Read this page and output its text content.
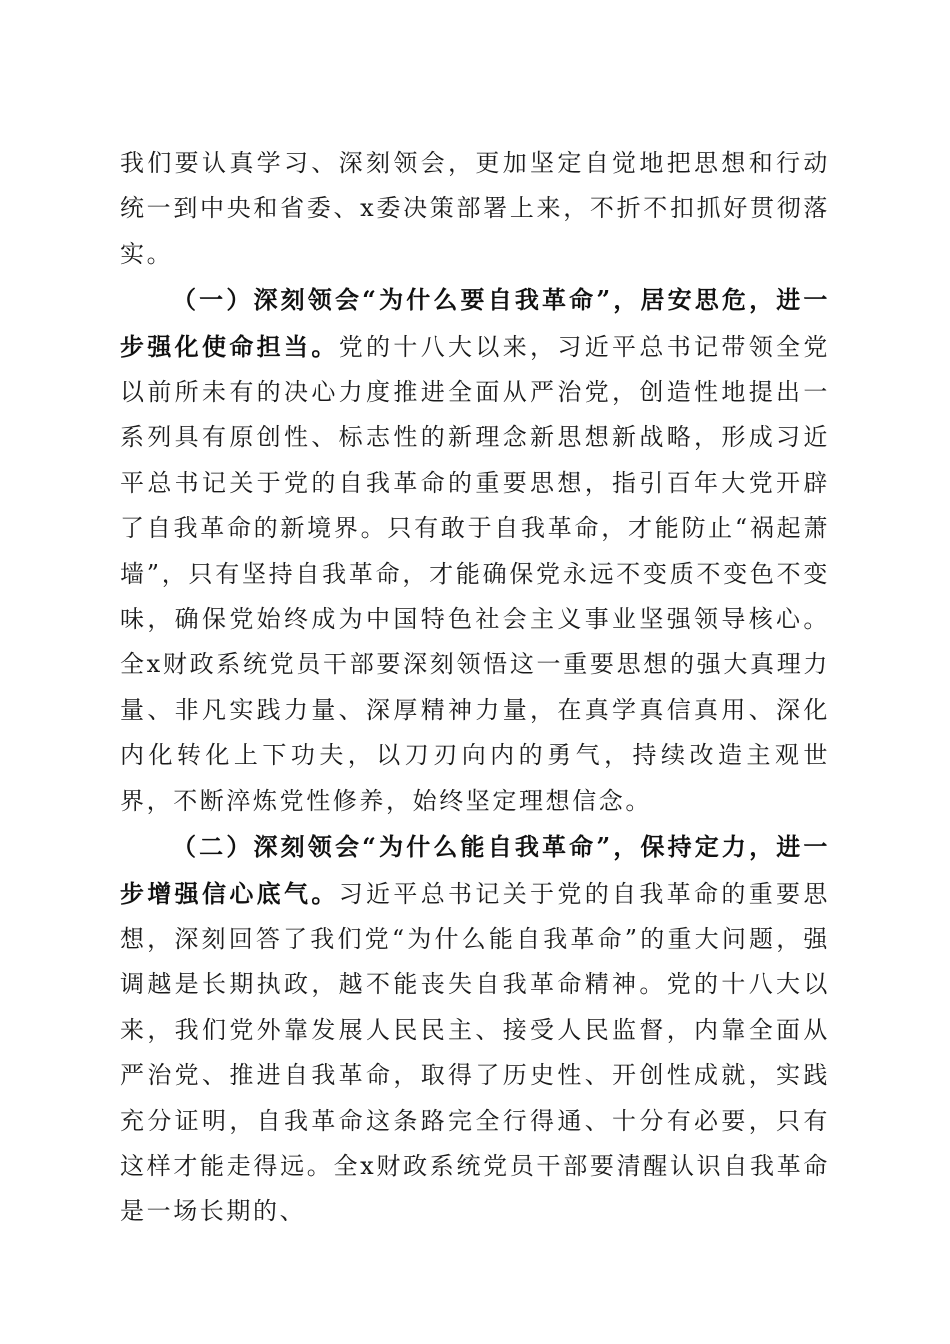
我们要认真学习、深刻领会，更加坚定自觉地把思想和行动统一到中央和省委、x委决策部署上来，不折不扣抓好贯彻落实。

（一）深刻领会“为什么要自我革命”，居安思危，进一步强化使命担当。党的十八大以来，习近平总书记带领全党以前所未有的决心力度推进全面从严治党，创造性地提出一系列具有原创性、标志性的新理念新思想新战略，形成习近平总书记关于党的自我革命的重要思想，指引百年大党开辟了自我革命的新境界。只有敢于自我革命，才能防止“祸起萧墙”，只有坚持自我革命，才能确保党永远不变质不变色不变味，确保党始终成为中国特色社会主义事业坚强领导核心。全x财政系统党员干部要深刻领悟这一重要思想的强大真理力量、非凡实践力量、深厚精神力量，在真学真信真用、深化内化转化上下功夫，以刀刃向内的勇气，持续改造主观世界，不断淬炼党性修养，始终坚定理想信念。

（二）深刻领会“为什么能自我革命”，保持定力，进一步增强信心底气。习近平总书记关于党的自我革命的重要思想，深刻回答了我们党“为什么能自我革命”的重大问题，强调越是长期执政，越不能丧失自我革命精神。党的十八大以来，我们党外靠发展人民民主、接受人民监督，内靠全面从严治党、推进自我革命，取得了历史性、开创性成就，实践充分证明，自我革命这条路完全行得通、十分有必要，只有这样才能走得远。全x财政系统党员干部要清醒认识自我革命是一场长期的、
